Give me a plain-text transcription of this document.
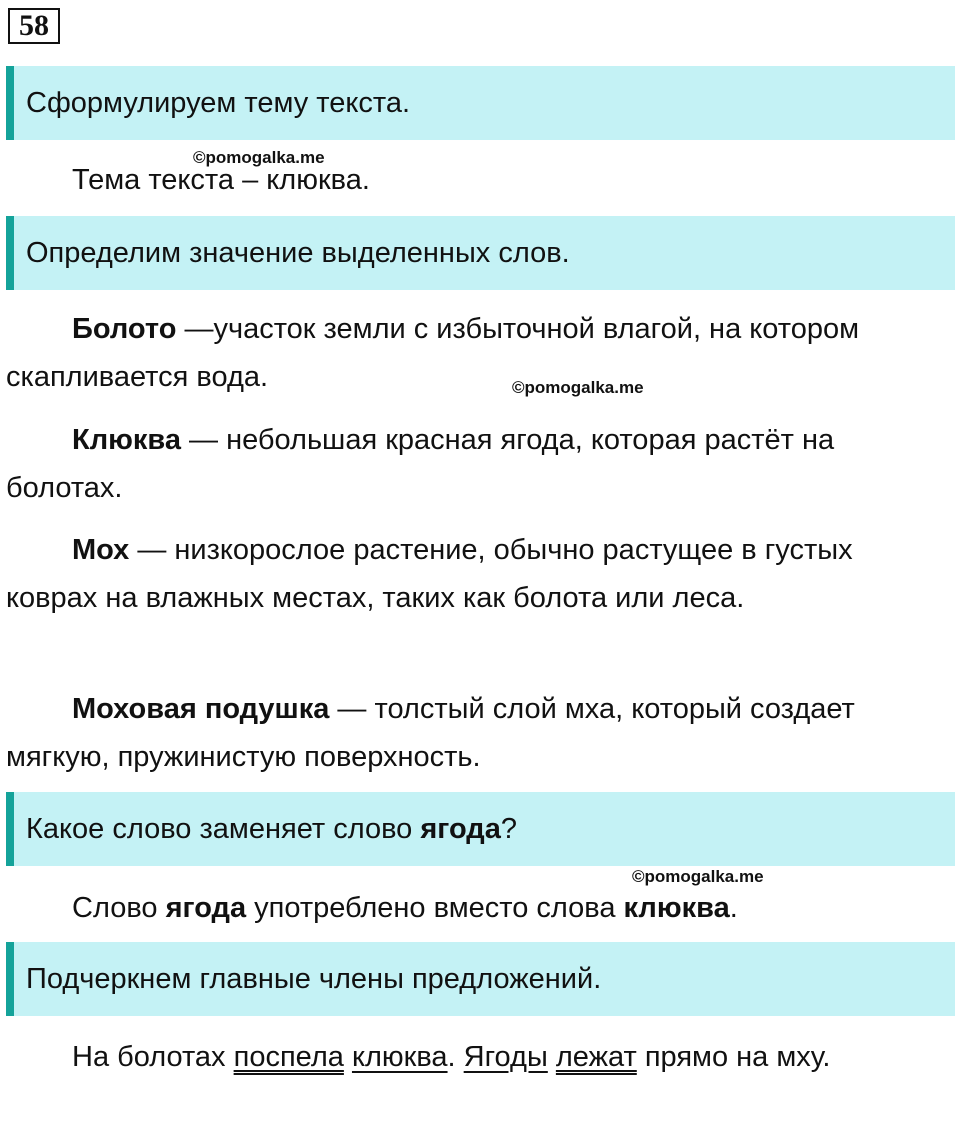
58
Сформулируем тему текста.
©pomogalka.me
Тема текста – клюква.
Определим значение выделенных слов.
Болото —участок земли с избыточной влагой, на котором скапливается вода.	©pomogalka.me
Клюква — небольшая красная ягода, которая растёт на болотах.
Мох — низкорослое растение, обычно растущее в густых коврах на влажных местах, таких как болота или леса.
Моховая подушка — толстый слой мха, который создает мягкую, пружинистую поверхность.
Какое слово заменяет слово ягода?
©pomogalka.me
Слово ягода употреблено вместо слова клюква.
Подчеркнем главные члены предложений.
На болотах поспела клюква. Ягоды лежат прямо на мху.
